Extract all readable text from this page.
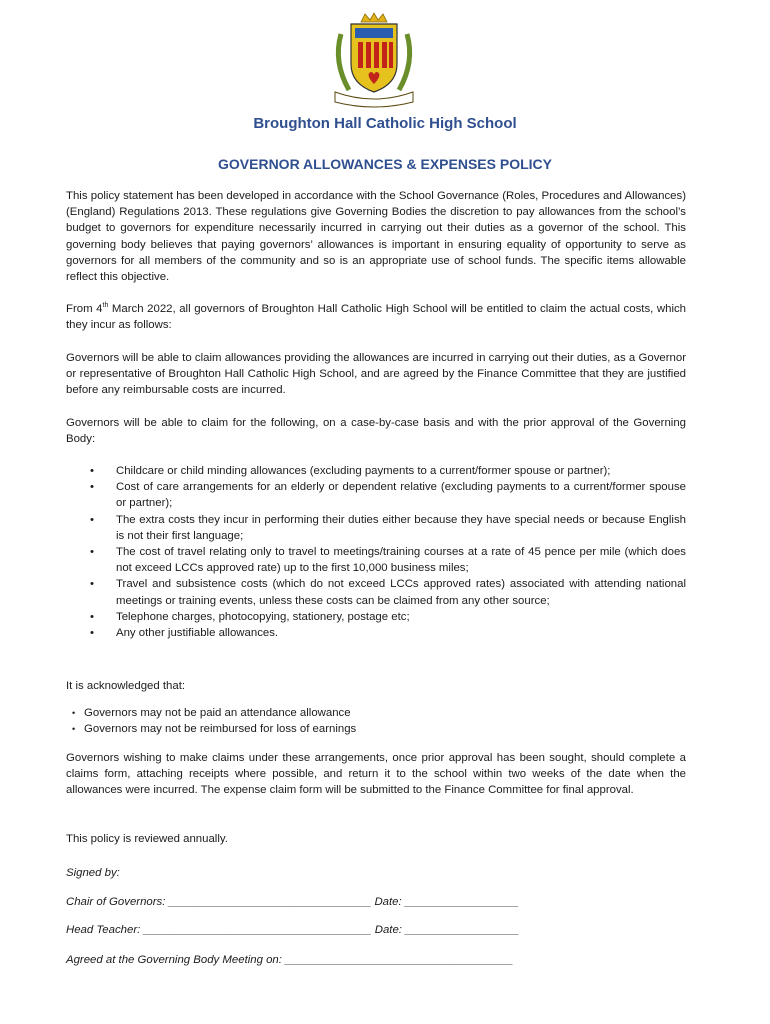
Broughton Hall Catholic High School
GOVERNOR ALLOWANCES & EXPENSES POLICY

This policy statement has been developed in accordance with the School Governance (Roles, Procedures and Allowances) (England) Regulations 2013. These regulations give Governing Bodies the discretion to pay allowances from the school’s budget to governors for expenditure necessarily incurred in carrying out their duties as a governor of the school. This governing body believes that paying governors’ allowances is important in ensuring equality of opportunity to serve as governors for all members of the community and so is an appropriate use of school funds. The specific items allowable reflect this objective.

From 4th March 2022, all governors of Broughton Hall Catholic High School will be entitled to claim the actual costs, which they incur as follows:

Governors will be able to claim allowances providing the allowances are incurred in carrying out their duties, as a Governor or representative of Broughton Hall Catholic High School, and are agreed by the Finance Committee that they are justified before any reimbursable costs are incurred.

Governors will be able to claim for the following, on a case-by-case basis and with the prior approval of the Governing Body:

• Childcare or child minding allowances (excluding payments to a current/former spouse or partner);
• Cost of care arrangements for an elderly or dependent relative (excluding payments to a current/former spouse or partner);
• The extra costs they incur in performing their duties either because they have special needs or because English is not their first language;
• The cost of travel relating only to travel to meetings/training courses at a rate of 45 pence per mile (which does not exceed LCCs approved rate) up to the first 10,000 business miles;
• Travel and subsistence costs (which do not exceed LCCs approved rates) associated with attending national meetings or training events, unless these costs can be claimed from any other source;
• Telephone charges, photocopying, stationery, postage etc;
• Any other justifiable allowances.

It is acknowledged that:

• Governors may not be paid an attendance allowance
• Governors may not be reimbursed for loss of earnings

Governors wishing to make claims under these arrangements, once prior approval has been sought, should complete a claims form, attaching receipts where possible, and return it to the school within two weeks of the date when the allowances were incurred. The expense claim form will be submitted to the Finance Committee for final approval.

This policy is reviewed annually.

Signed by:
Chair of Governors: ________________________________ Date: __________________
Head Teacher: ____________________________________ Date: __________________
Agreed at the Governing Body Meeting on: ____________________________________
